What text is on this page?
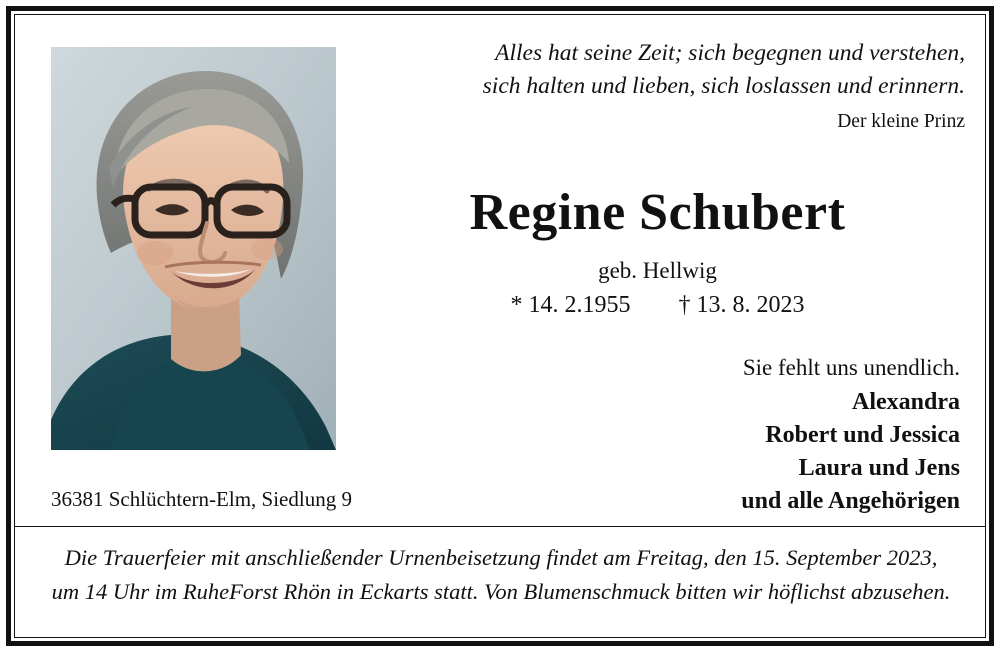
Alles hat seine Zeit; sich begegnen und verstehen,
sich halten und lieben, sich loslassen und erinnern.
Der kleine Prinz
Regine Schubert
geb. Hellwig
* 14. 2.1955 † 13. 8. 2023
Sie fehlt uns unendlich.
Alexandra
Robert und Jessica
Laura und Jens
und alle Angehörigen
36381 Schlüchtern-Elm, Siedlung 9
Die Trauerfeier mit anschließender Urnenbeisetzung findet am Freitag, den 15. September 2023,
um 14 Uhr im RuheForst Rhön in Eckarts statt. Von Blumenschmuck bitten wir höflichst abzusehen.
